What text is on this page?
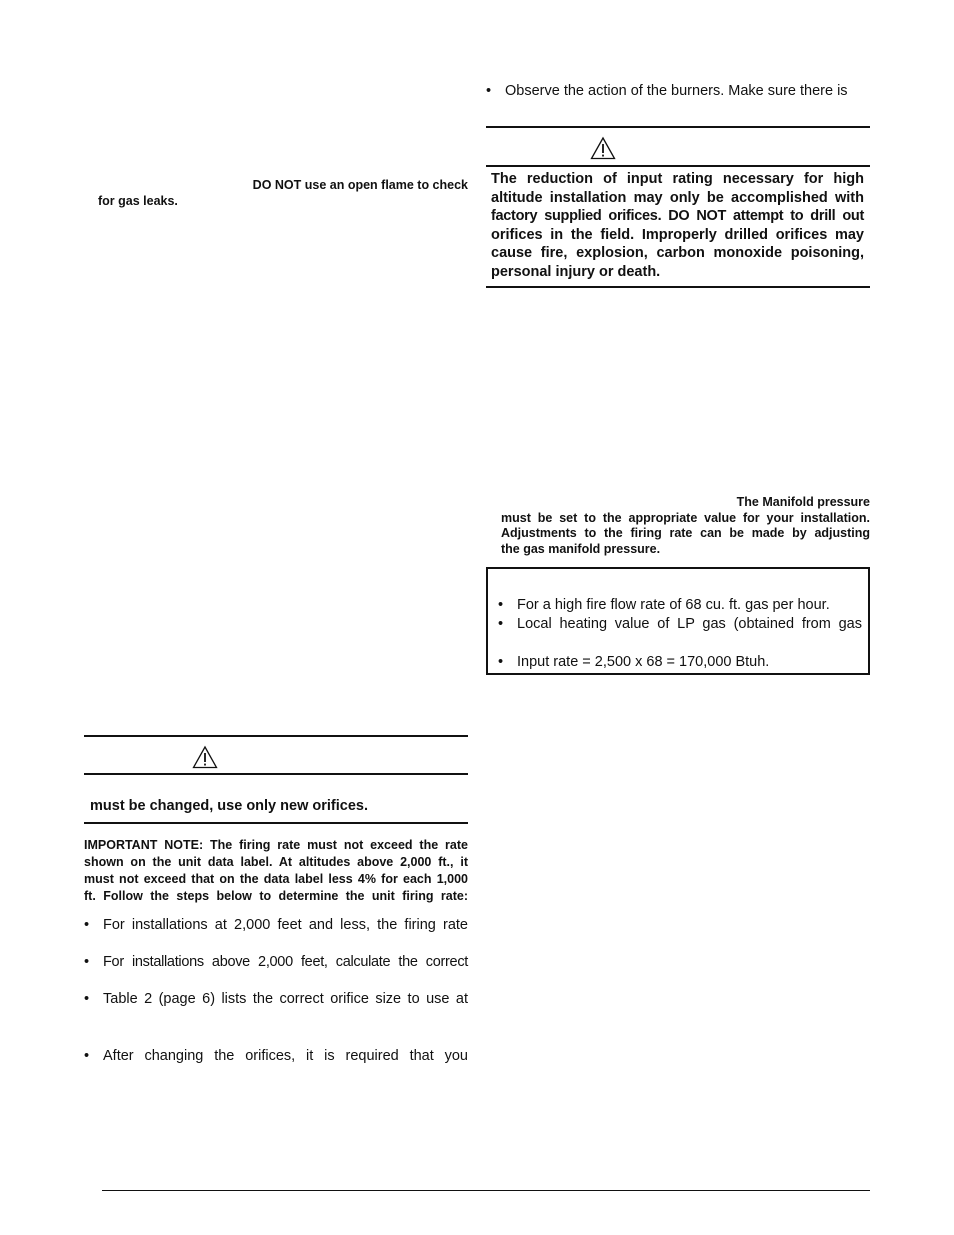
DO NOT use an open flame to check
for gas leaks.
must be changed, use only new orifices.
IMPORTANT NOTE: The firing rate must not exceed the rate
shown on the unit data label. At altitudes above 2,000 ft., it
must not exceed that on the data label less 4% for each 1,000
ft. Follow the steps below to determine the unit firing rate:
• For installations at 2,000 feet and less, the firing rate
• For installations above 2,000 feet, calculate the correct
• Table 2 (page 6) lists the correct orifice size to use at
• After changing the orifices, it is required that you
• Observe the action of the burners. Make sure there is
The reduction of input rating necessary for high
altitude installation may only be accomplished with
factory supplied orifices. DO NOT attempt to drill out
orifices in the field. Improperly drilled orifices may
cause fire, explosion, carbon monoxide poisoning,
personal injury or death.
The Manifold pressure
must be set to the appropriate value for your installation.
Adjustments to the firing rate can be made by adjusting
the gas manifold pressure.
• For a high fire flow rate of 68 cu. ft. gas per hour.
• Local heating value of LP gas (obtained from gas
• Input rate = 2,500 x 68 = 170,000 Btuh.
